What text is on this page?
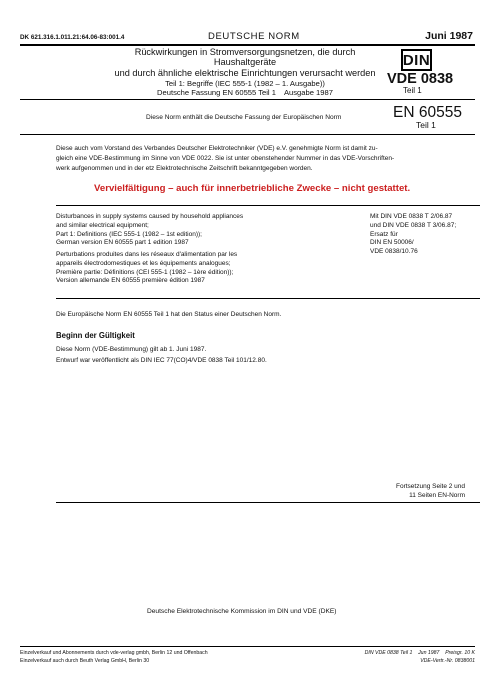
DK 621.316.1.011.21:64.06-83:001.4	DEUTSCHE NORM	Juni 1987
Rückwirkungen in Stromversorgungsnetzen, die durch Haushaltgeräte
und durch ähnliche elektrische Einrichtungen verursacht werden
Teil 1: Begriffe (IEC 555-1 (1982 – 1. Ausgabe))
Deutsche Fassung EN 60555 Teil 1    Ausgabe 1987
DIN
VDE 0838
Teil 1
Diese Norm enthält die Deutsche Fassung der Europäischen Norm	EN 60555
Teil 1
Diese auch vom Vorstand des Verbandes Deutscher Elektrotechniker (VDE) e.V. genehmigte Norm ist damit zu-
gleich eine VDE-Bestimmung im Sinne von VDE 0022. Sie ist unter obenstehender Nummer in das VDE-Vorschriften-
werk aufgenommen und in der etz Elektrotechnische Zeitschrift bekanntgegeben worden.
Vervielfältigung – auch für innerbetriebliche Zwecke – nicht gestattet.
Disturbances in supply systems caused by household appliances
and similar electrical equipment;
Part 1: Definitions (IEC 555-1 (1982 – 1st edition));
German version EN 60555 part 1 edition 1987
Perturbations produites dans les réseaux d'alimentation par les
appareils électrodomestiques et les équipements analogues;
Première partie: Définitions (CEI 555-1 (1982 – 1ère édition));
Version allemande EN 60555 première édition 1987
Mit DIN VDE 0838 T 2/06.87
und DIN VDE 0838 T 3/06.87;
Ersatz für
DIN EN 50006/
VDE 0838/10.76
Die Europäische Norm EN 60555 Teil 1 hat den Status einer Deutschen Norm.
Beginn der Gültigkeit
Diese Norm (VDE-Bestimmung) gilt ab 1. Juni 1987.
Entwurf war veröffentlicht als DIN IEC 77(CO)4/VDE 0838 Teil 101/12.80.
Fortsetzung Seite 2 und
11 Seiten EN-Norm
Deutsche Elektrotechnische Kommission im DIN und VDE (DKE)
Einzelverkauf und Abonnements durch vde-verlag gmbh, Berlin 12 und Offenbach
Einzelverkauf auch durch Beuth Verlag GmbH, Berlin 30
DIN VDE 0838 Teil 1    Jun 1987    Preisgr. 10 K
VDE-Vertr.-Nr. 0838001
